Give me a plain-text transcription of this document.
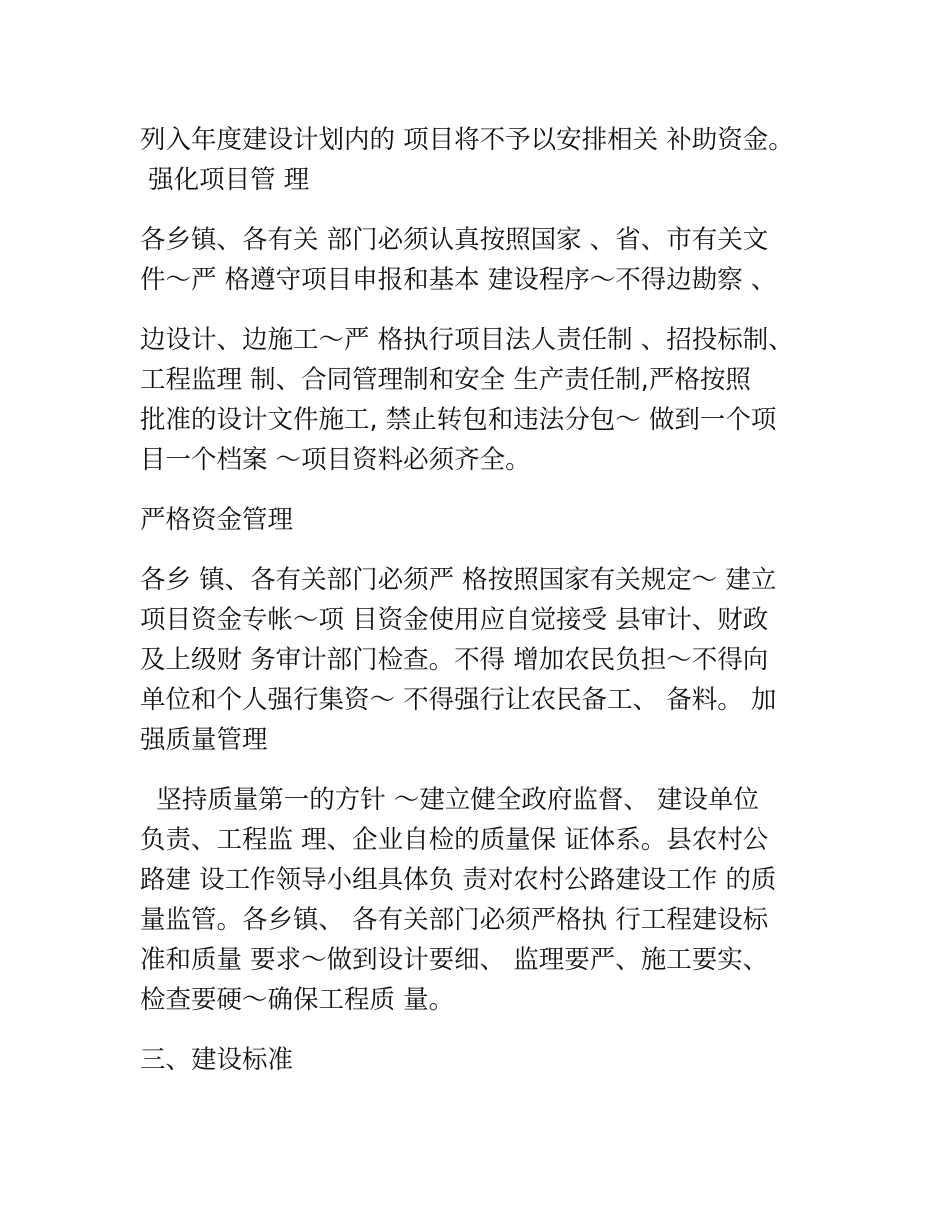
列入年度建设计划内的 项目将不予以安排相关 补助资金。

强化项目管 理

各乡镇、各有关 部门必须认真按照国家 、省、市有关文

件～严 格遵守项目申报和基本 建设程序～不得边勘察 、

边设计、边施工～严 格执行项目法人责任制 、招投标制、

工程监理 制、合同管理制和安全 生产责任制,严格按照

批准的设计文件施工, 禁止转包和违法分包～ 做到一个项

目一个档案 ～项目资料必须齐全。

严格资金管理

各乡 镇、各有关部门必须严 格按照国家有关规定～ 建立

项目资金专帐～项 目资金使用应自觉接受 县审计、财政

及上级财 务审计部门检查。不得 增加农民负担～不得向

单位和个人强行集资～ 不得强行让农民备工、 备料。 加

强质量管理

坚持质量第一的方针 ～建立健全政府监督、 建设单位

负责、工程监 理、企业自检的质量保 证体系。县农村公

路建 设工作领导小组具体负 责对农村公路建设工作 的质

量监管。各乡镇、 各有关部门必须严格执 行工程建设标

准和质量 要求～做到设计要细、 监理要严、施工要实、

检查要硬～确保工程质 量。

三、建设标准
